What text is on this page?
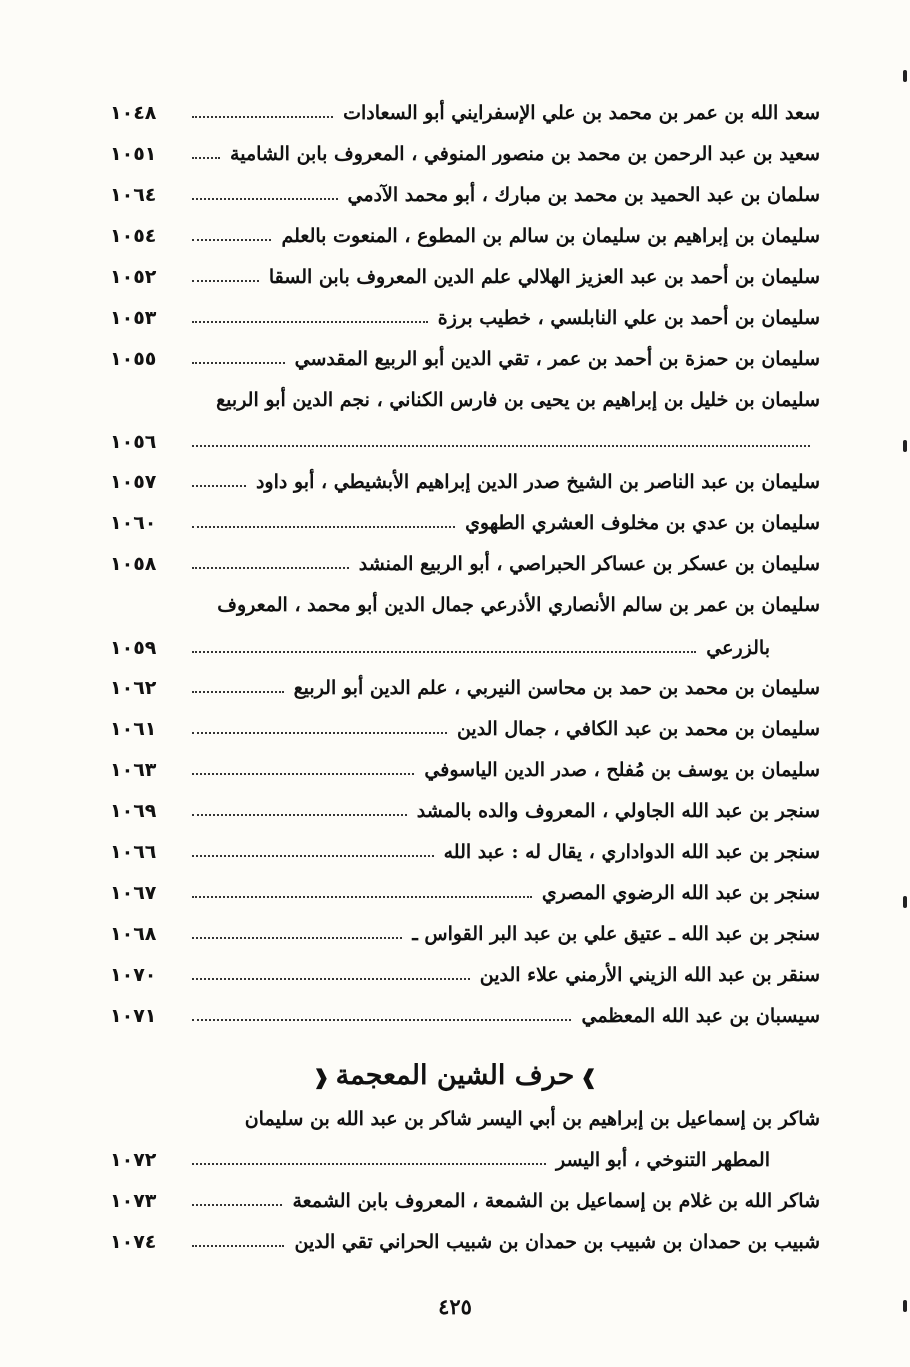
سعد الله بن عمر بن محمد بن علي الإسفرايني أبو السعادات
١٠٤٨
سعيد بن عبد الرحمن بن محمد بن منصور المنوفي ، المعروف بابن الشامية
١٠٥١
سلمان بن عبد الحميد بن محمد بن مبارك ، أبو محمد الآدمي
١٠٦٤
سليمان بن إبراهيم بن سليمان بن سالم بن المطوع ، المنعوت بالعلم
١٠٥٤
سليمان بن أحمد بن عبد العزيز الهلالي علم الدين المعروف بابن السقا
١٠٥٢
سليمان بن أحمد بن علي النابلسي ، خطيب برزة
١٠٥٣
سليمان بن حمزة بن أحمد بن عمر ، تقي الدين أبو الربيع المقدسي
١٠٥٥
سليمان بن خليل بن إبراهيم بن يحيى بن فارس الكناني ، نجم الدين أبو الربيع
١٠٥٦
سليمان بن عبد الناصر بن الشيخ صدر الدين إبراهيم الأبشيطي ، أبو داود
١٠٥٧
سليمان بن عدي بن مخلوف العشري الطهوي
١٠٦٠
سليمان بن عسكر بن عساكر الحبراصي ، أبو الربيع المنشد
١٠٥٨
سليمان بن عمر بن سالم الأنصاري الأذرعي جمال الدين أبو محمد ، المعروف
بالزرعي
١٠٥٩
سليمان بن محمد بن حمد بن محاسن النيربي ، علم الدين أبو الربيع
١٠٦٢
سليمان بن محمد بن عبد الكافي ، جمال الدين
١٠٦١
سليمان بن يوسف بن مُفلح ، صدر الدين الياسوفي
١٠٦٣
سنجر بن عبد الله الجاولي ، المعروف والده بالمشد
١٠٦٩
سنجر بن عبد الله الدواداري ، يقال له : عبد الله
١٠٦٦
سنجر بن عبد الله الرضوي المصري
١٠٦٧
سنجر بن عبد الله ـ عتيق علي بن عبد البر القواس ـ
١٠٦٨
سنقر بن عبد الله الزيني الأرمني علاء الدين
١٠٧٠
سيسبان بن عبد الله المعظمي
١٠٧١
❱حرف الشين المعجمة❰
شاكر بن إسماعيل بن إبراهيم بن أبي اليسر شاكر بن عبد الله بن سليمان
المطهر التنوخي ، أبو اليسر
١٠٧٢
شاكر الله بن غلام بن إسماعيل بن الشمعة ، المعروف بابن الشمعة
١٠٧٣
شبيب بن حمدان بن شبيب بن حمدان بن شبيب الحراني تقي الدين
١٠٧٤
٤٢٥
